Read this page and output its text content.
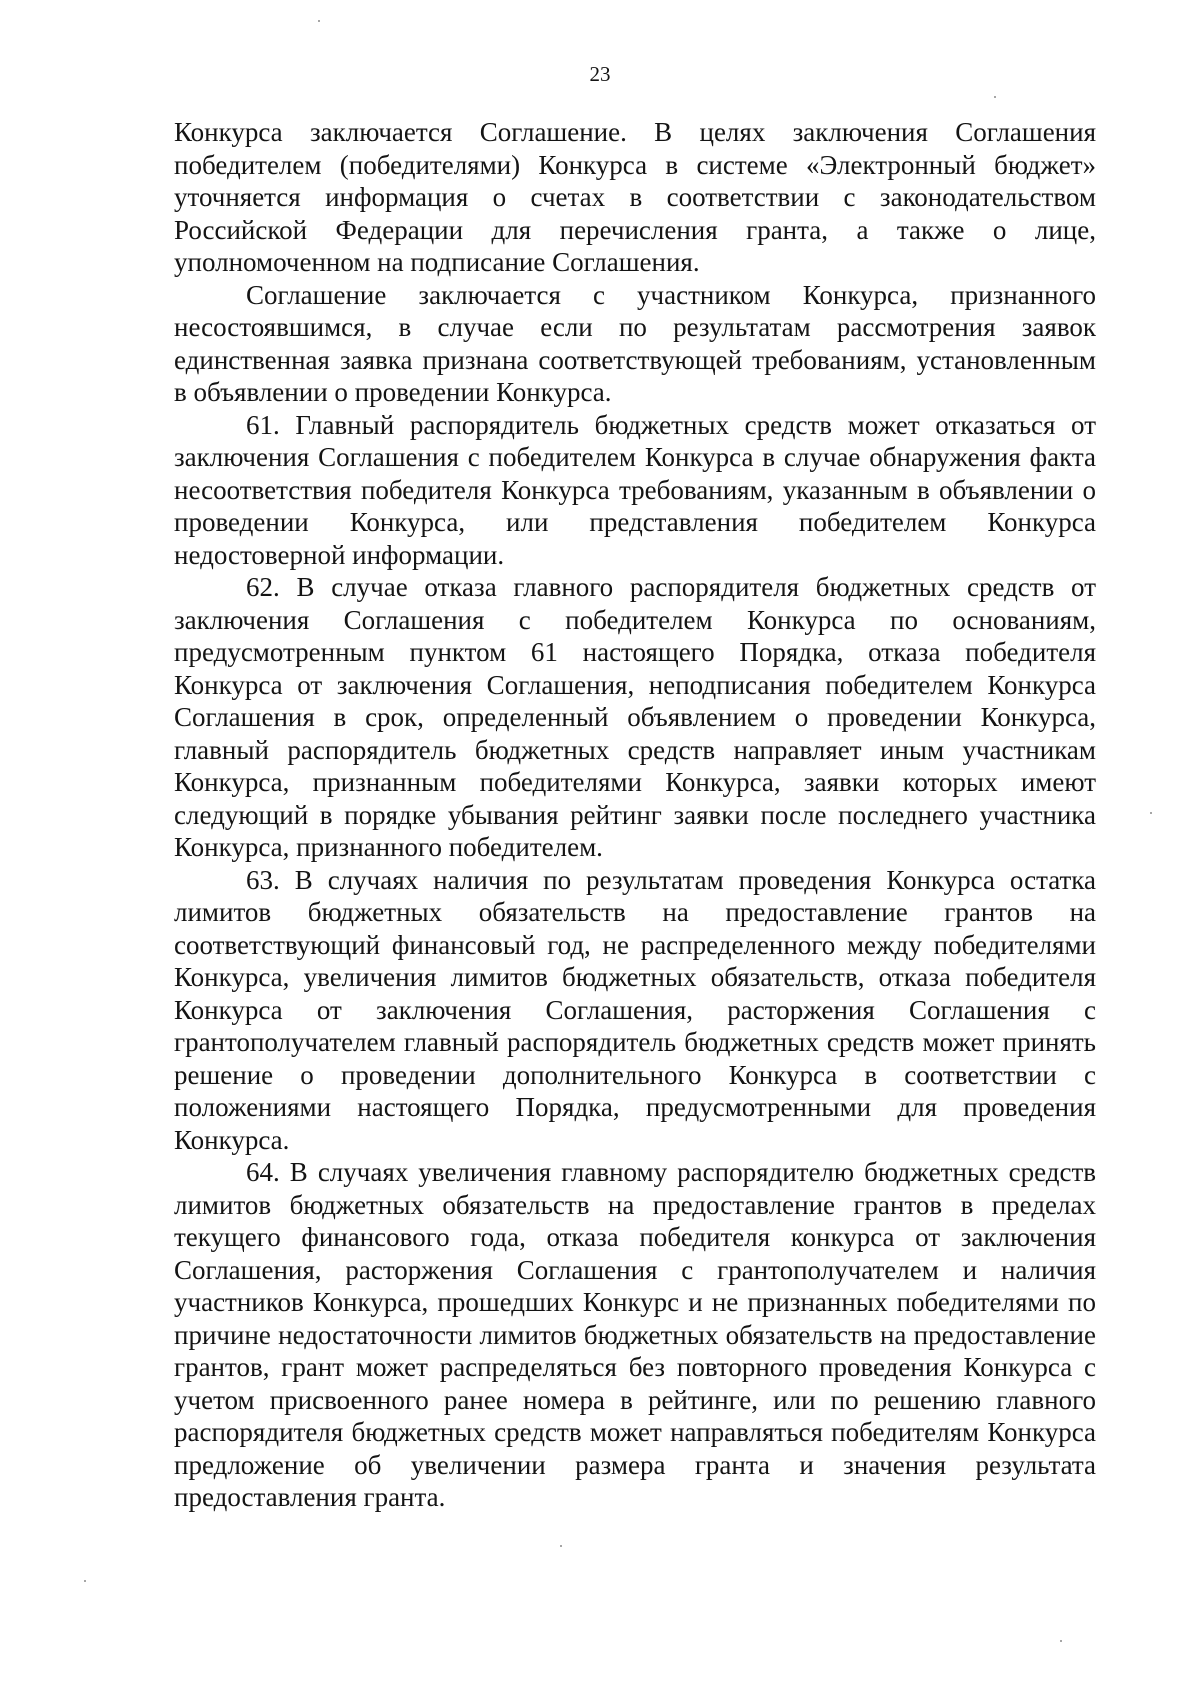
23

Конкурса заключается Соглашение. В целях заключения Соглашения победителем (победителями) Конкурса в системе «Электронный бюджет» уточняется информация о счетах в соответствии с законодательством Российской Федерации для перечисления гранта, а также о лице, уполномоченном на подписание Соглашения.

Соглашение заключается с участником Конкурса, признанного несостоявшимся, в случае если по результатам рассмотрения заявок единственная заявка признана соответствующей требованиям, установленным в объявлении о проведении Конкурса.

61. Главный распорядитель бюджетных средств может отказаться от заключения Соглашения с победителем Конкурса в случае обнаружения факта несоответствия победителя Конкурса требованиям, указанным в объявлении о проведении Конкурса, или представления победителем Конкурса недостоверной информации.

62. В случае отказа главного распорядителя бюджетных средств от заключения Соглашения с победителем Конкурса по основаниям, предусмотренным пунктом 61 настоящего Порядка, отказа победителя Конкурса от заключения Соглашения, неподписания победителем Конкурса Соглашения в срок, определенный объявлением о проведении Конкурса, главный распорядитель бюджетных средств направляет иным участникам Конкурса, признанным победителями Конкурса, заявки которых имеют следующий в порядке убывания рейтинг заявки после последнего участника Конкурса, признанного победителем.

63. В случаях наличия по результатам проведения Конкурса остатка лимитов бюджетных обязательств на предоставление грантов на соответствующий финансовый год, не распределенного между победителями Конкурса, увеличения лимитов бюджетных обязательств, отказа победителя Конкурса от заключения Соглашения, расторжения Соглашения с грантополучателем главный распорядитель бюджетных средств может принять решение о проведении дополнительного Конкурса в соответствии с положениями настоящего Порядка, предусмотренными для проведения Конкурса.

64. В случаях увеличения главному распорядителю бюджетных средств лимитов бюджетных обязательств на предоставление грантов в пределах текущего финансового года, отказа победителя конкурса от заключения Соглашения, расторжения Соглашения с грантополучателем и наличия участников Конкурса, прошедших Конкурс и не признанных победителями по причине недостаточности лимитов бюджетных обязательств на предоставление грантов, грант может распределяться без повторного проведения Конкурса с учетом присвоенного ранее номера в рейтинге, или по решению главного распорядителя бюджетных средств может направляться победителям Конкурса предложение об увеличении размера гранта и значения результата предоставления гранта.
